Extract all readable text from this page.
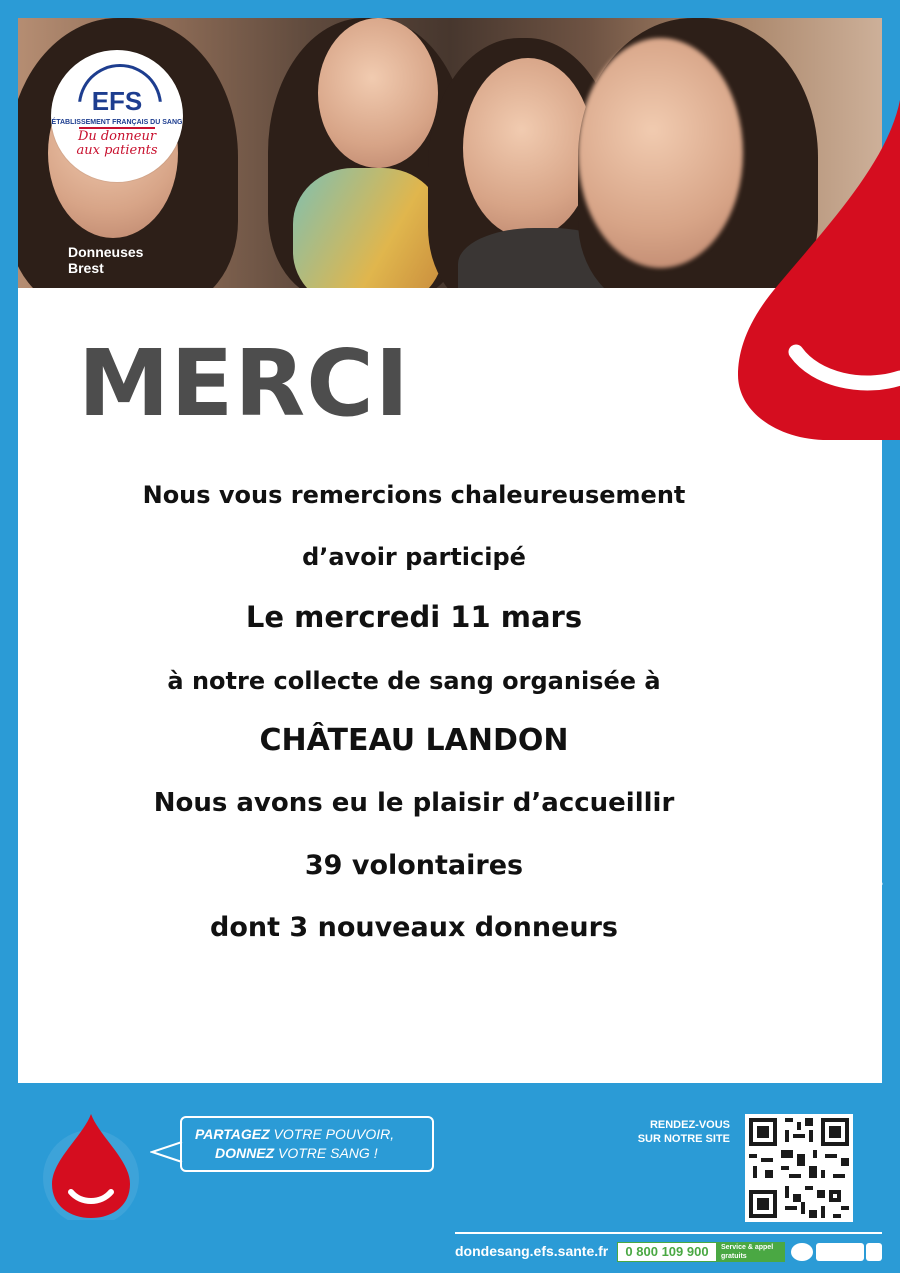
Donneuses
Brest
EFS
ÉTABLISSEMENT FRANÇAIS DU SANG
Du donneur
aux patients
MERCI
Nous vous remercions chaleureusement
d’avoir participé
Le mercredi 11 mars
à notre collecte de sang organisée à
CHÂTEAU LANDON
Nous avons eu le plaisir d’accueillir
39 volontaires
dont 3 nouveaux donneurs	Aff. A4 - Collecte - V1 - Hiver - Octobre 2025 - EFS Siège
PARTAGEZ VOTRE POUVOIR,
DONNEZ VOTRE SANG !
RENDEZ-VOUS
SUR NOTRE SITE
dondesang.efs.sante.fr	0 800 109 900	Service & appel
gratuits
